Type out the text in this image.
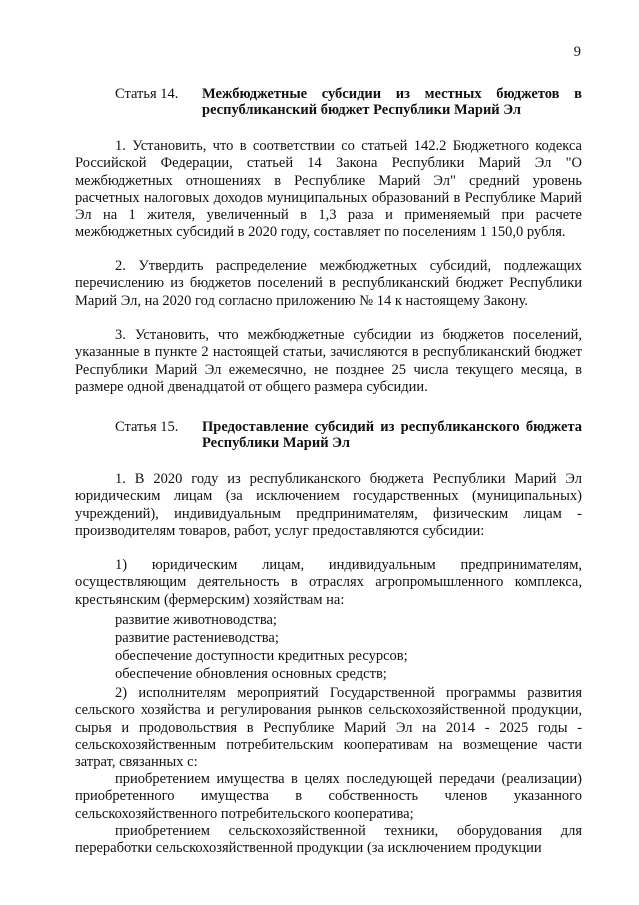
9
Статья 14. Межбюджетные субсидии из местных бюджетов в республиканский бюджет Республики Марий Эл

1. Установить, что в соответствии со статьей 142.2 Бюджетного кодекса Российской Федерации, статьей 14 Закона Республики Марий Эл "О межбюджетных отношениях в Республике Марий Эл" средний уровень расчетных налоговых доходов муниципальных образований в Республике Марий Эл на 1 жителя, увеличенный в 1,3 раза и применяемый при расчете межбюджетных субсидий в 2020 году, составляет по поселениям 1 150,0 рубля.

2. Утвердить распределение межбюджетных субсидий, подлежащих перечислению из бюджетов поселений в республиканский бюджет Республики Марий Эл, на 2020 год согласно приложению № 14 к настоящему Закону.

3. Установить, что межбюджетные субсидии из бюджетов поселений, указанные в пункте 2 настоящей статьи, зачисляются в республиканский бюджет Республики Марий Эл ежемесячно, не позднее 25 числа текущего месяца, в размере одной двенадцатой от общего размера субсидии.

Статья 15. Предоставление субсидий из республиканского бюджета Республики Марий Эл

1. В 2020 году из республиканского бюджета Республики Марий Эл юридическим лицам (за исключением государственных (муниципальных) учреждений), индивидуальным предпринимателям, физическим лицам - производителям товаров, работ, услуг предоставляются субсидии:

1) юридическим лицам, индивидуальным предпринимателям, осуществляющим деятельность в отраслях агропромышленного комплекса, крестьянским (фермерским) хозяйствам на:

развитие животноводства;
развитие растениеводства;
обеспечение доступности кредитных ресурсов;
обеспечение обновления основных средств;

2) исполнителям мероприятий Государственной программы развития сельского хозяйства и регулирования рынков сельскохозяйственной продукции, сырья и продовольствия в Республике Марий Эл на 2014 - 2025 годы - сельскохозяйственным потребительским кооперативам на возмещение части затрат, связанных с:

приобретением имущества в целях последующей передачи (реализации) приобретенного имущества в собственность членов указанного сельскохозяйственного потребительского кооператива;

приобретением сельскохозяйственной техники, оборудования для переработки сельскохозяйственной продукции (за исключением продукции
